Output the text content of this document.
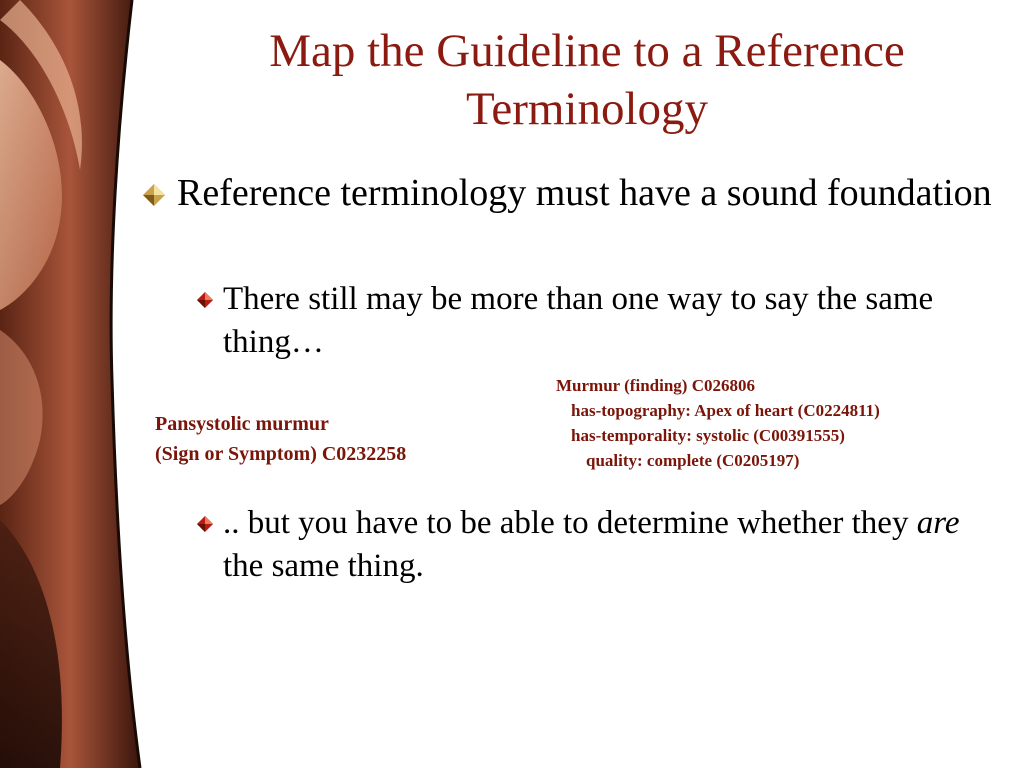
Map the Guideline to a Reference
Terminology
Reference terminology must have a sound foundation
There still may be more than one way to say the same thing…
Pansystolic murmur
(Sign or Symptom) C0232258
Murmur (finding) C026806
has-topography: Apex of heart (C0224811)
has-temporality: systolic (C00391555)
quality: complete (C0205197)
.. but you have to be able to determine whether they are the same thing.
